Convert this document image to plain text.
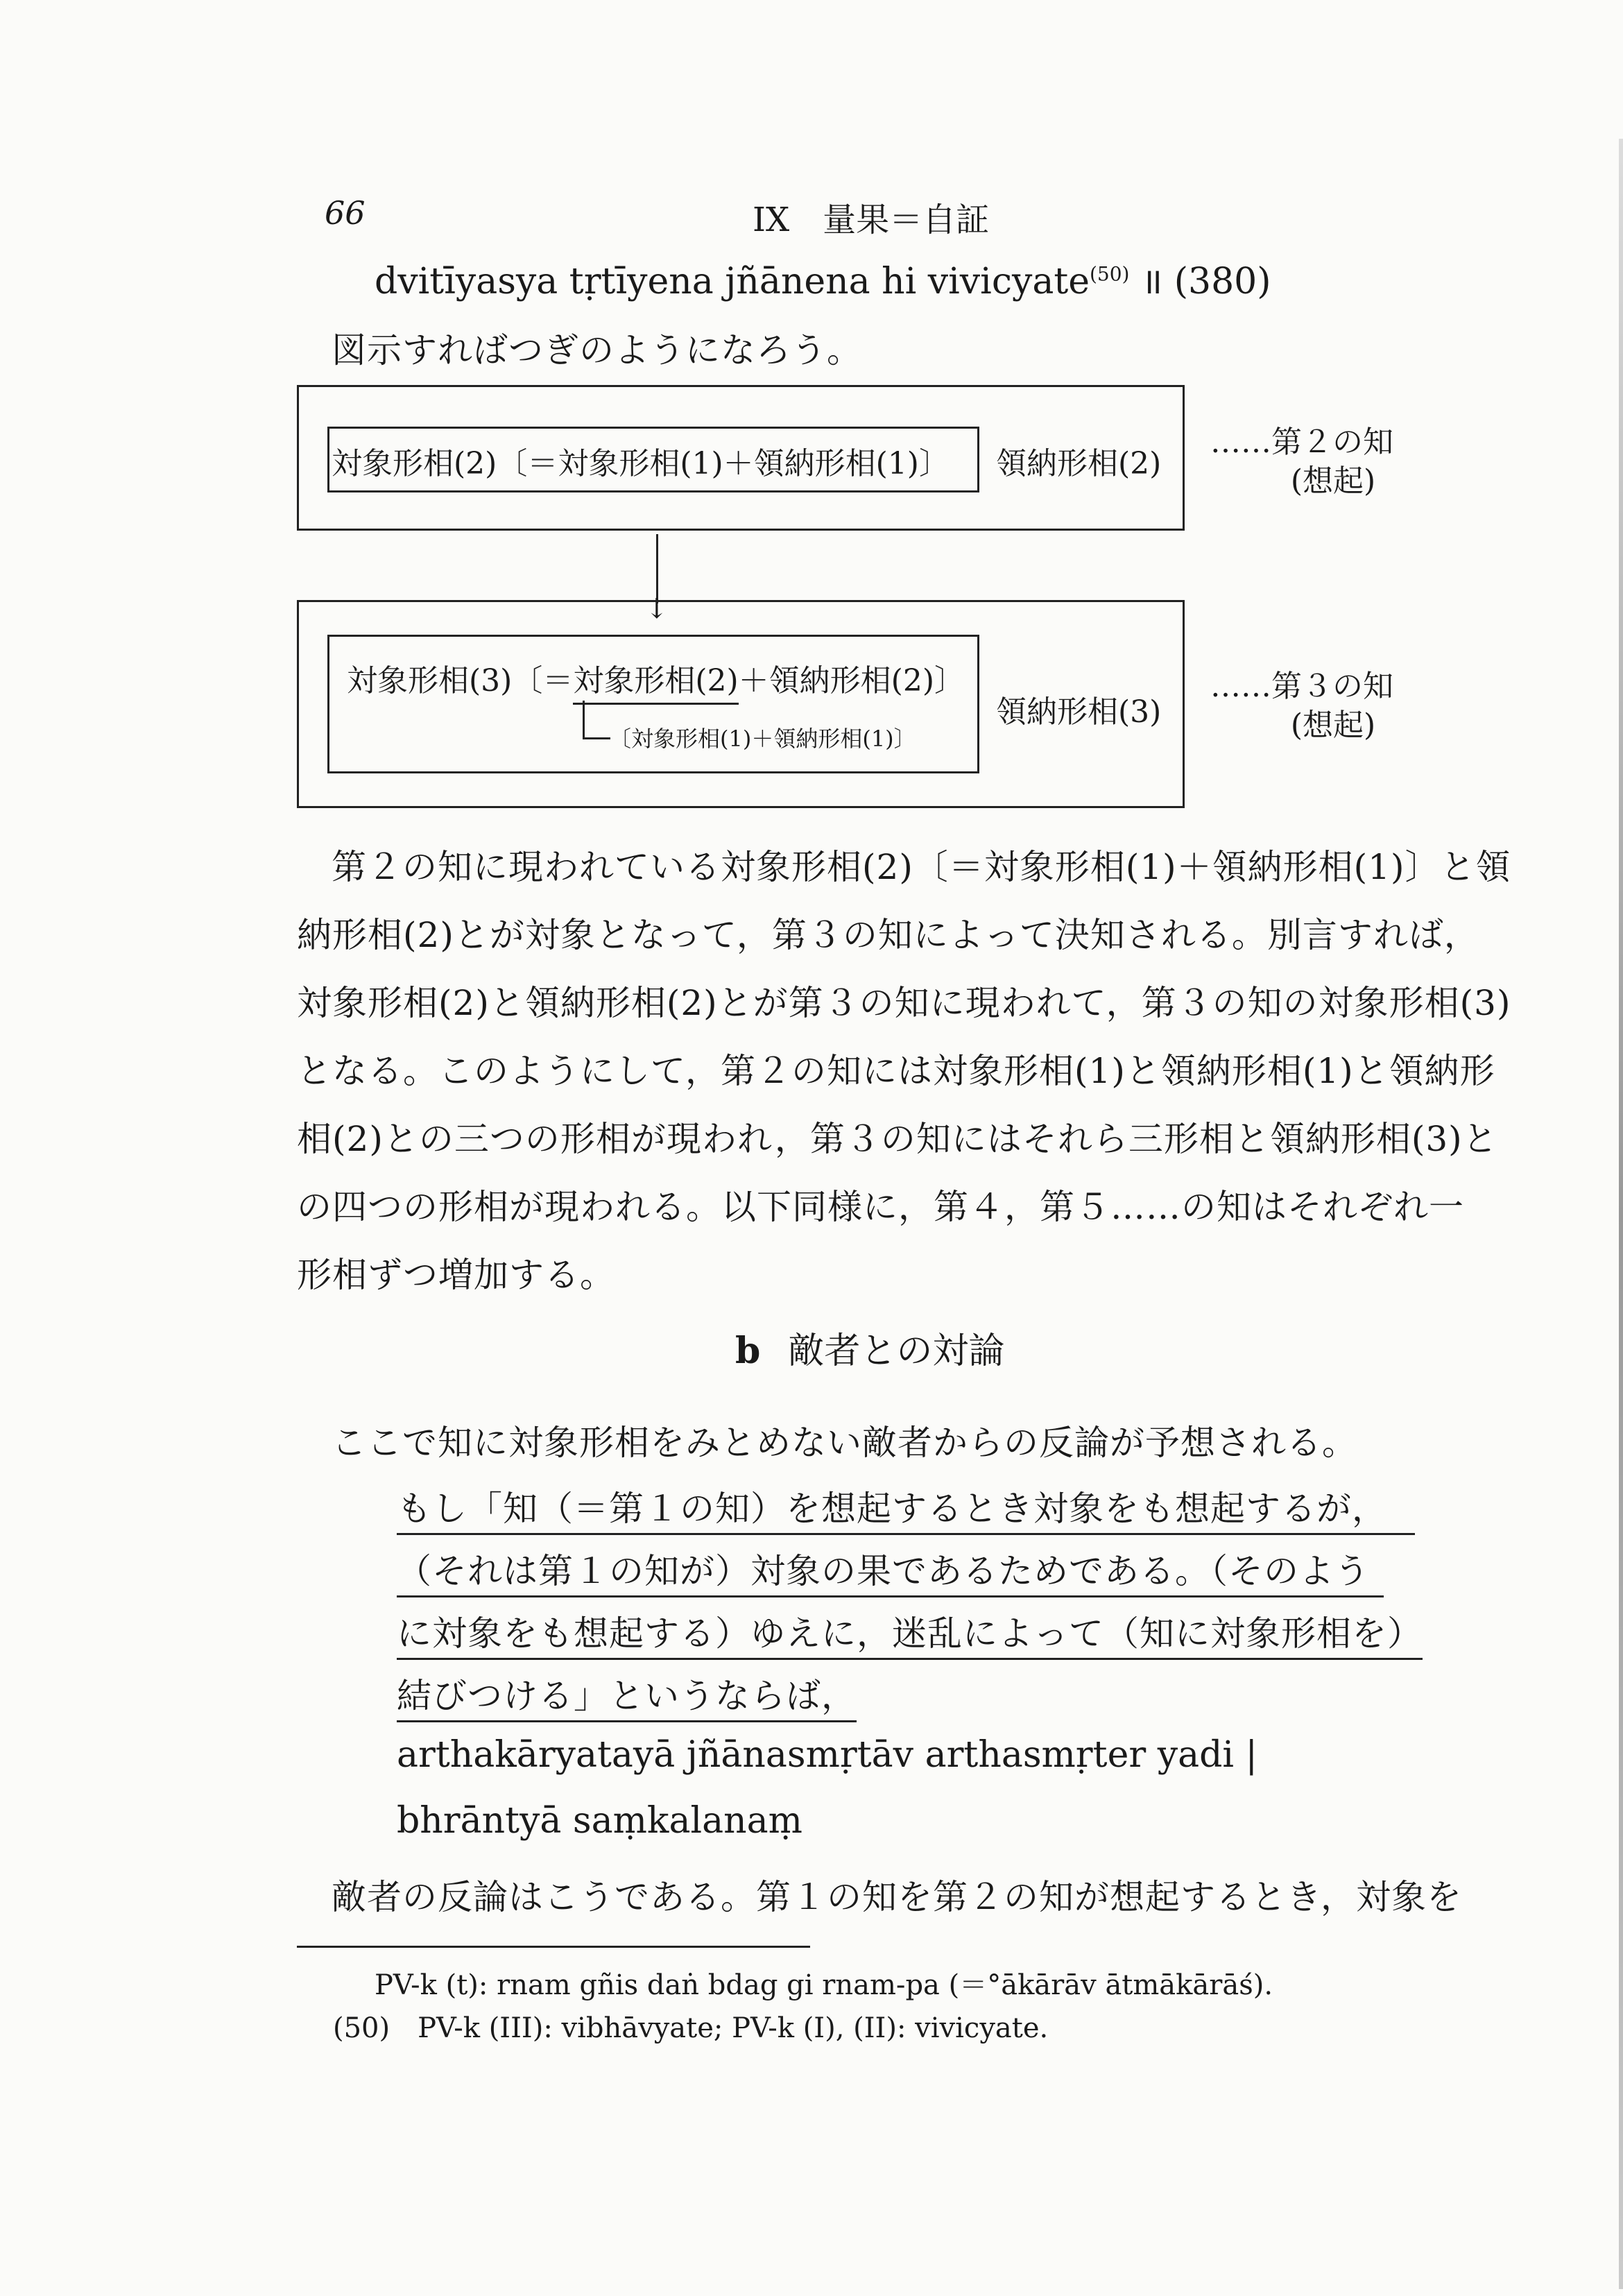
66	IX　量果＝自証
dvitīyasya tṛtīyena jñānena hi vivicyate$^{(50)}$ ॥ (380)
図示すればつぎのようになろう。
対象形相(2)〔＝対象形相(1)＋領納形相(1)〕 領納形相(2)
……第２の知
(想起)
↓
対象形相(3)〔＝対象形相(2)＋領納形相(2)〕
〔対象形相(1)＋領納形相(1)〕
領納形相(3)
……第３の知
(想起)
第２の知に現われている対象形相(2)〔＝対象形相(1)＋領納形相(1)〕と領
納形相(2)とが対象となって，第３の知によって決知される。別言すれば，
対象形相(2)と領納形相(2)とが第３の知に現われて，第３の知の対象形相(3)
となる。このようにして，第２の知には対象形相(1)と領納形相(1)と領納形
相(2)との三つの形相が現われ，第３の知にはそれら三形相と領納形相(3)と
の四つの形相が現われる。以下同様に，第４，第５……の知はそれぞれ一
形相ずつ増加する。
b 敵者との対論
ここで知に対象形相をみとめない敵者からの反論が予想される。
もし「知（＝第１の知）を想起するとき対象をも想起するが，
（それは第１の知が）対象の果であるためである。（そのよう
に対象をも想起する）ゆえに，迷乱によって（知に対象形相を）
結びつける」というならば，
arthakāryatayā jñānasmṛtāv arthasmṛter yadi |
bhrāntyā saṃkalanaṃ
敵者の反論はこうである。第１の知を第２の知が想起するとき，対象を
PV-k (t): rnam gñis daṅ bdag gi rnam-pa (＝°ākārāv ātmākārāś).
(50)　PV-k (III): vibhāvyate; PV-k (I), (II): vivicyate.
